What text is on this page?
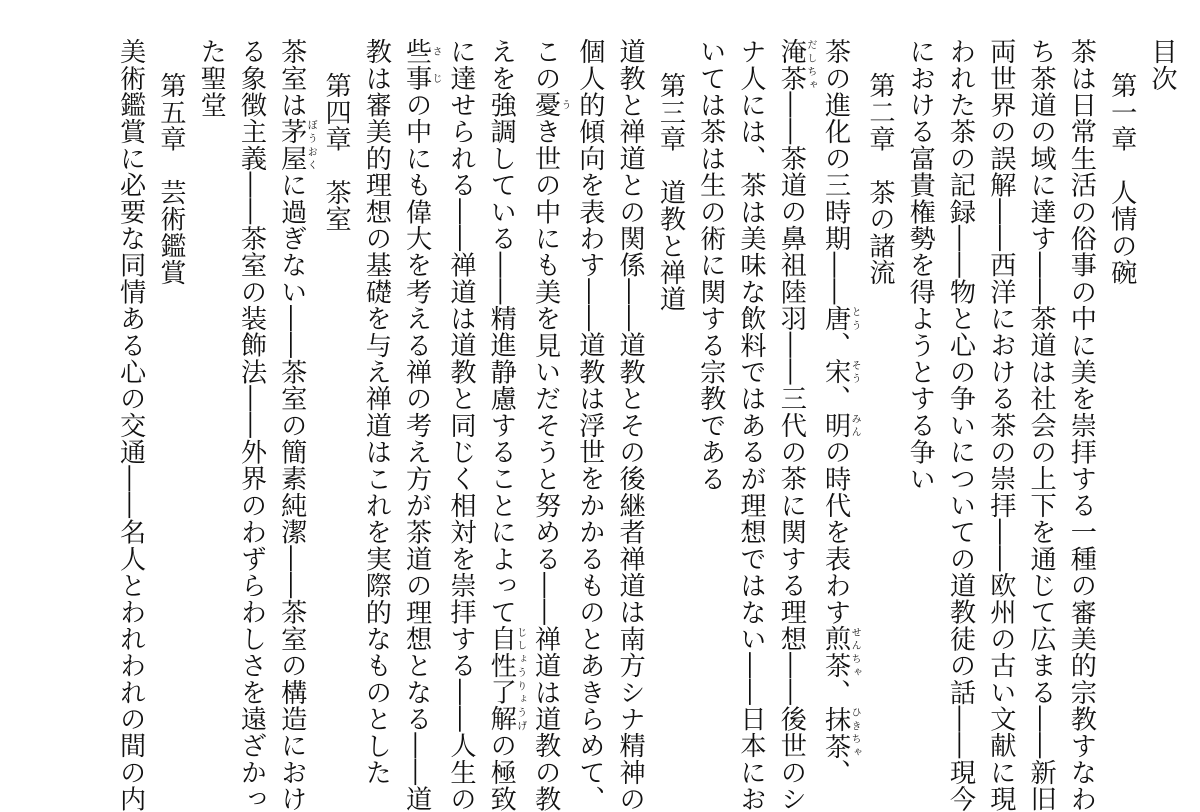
目次

第一章　人情の碗

茶は日常生活の俗事の中に美を崇拝する一種の審美的宗教すなわ

ち茶道の域に達す――茶道は社会の上下を通じて広まる――新旧

両世界の誤解――西洋における茶の崇拝――欧州の古い文献に現

われた茶の記録――物と心の争いについての道教徒の話――現今

における富貴権勢を得ようとする争い

第二章　茶の諸流

茶の進化の三時期――唐とう、宋そう、明みんの時代を表わす煎茶せんちゃ、抹茶ひきちゃ、

淹茶だしちゃ――茶道の鼻祖陸羽――三代の茶に関する理想――後世のシ

ナ人には、茶は美味な飲料ではあるが理想ではない――日本にお

いては茶は生の術に関する宗教である

第三章　道教と禅道

道教と禅道との関係――道教とその後継者禅道は南方シナ精神の

個人的傾向を表わす――道教は浮世をかかるものとあきらめて、

この憂うき世の中にも美を見いだそうと努める――禅道は道教の教

えを強調している――精進静慮することによって自性了解じしょうりょうげの極致

に達せられる――禅道は道教と同じく相対を崇拝する――人生の

些事さじの中にも偉大を考える禅の考え方が茶道の理想となる――道

教は審美的理想の基礎を与え禅道はこれを実際的なものとした

第四章　茶室

茶室は茅屋ぼうおくに過ぎない――茶室の簡素純潔――茶室の構造におけ

る象徴主義――茶室の装飾法――外界のわずらわしさを遠ざかっ

た聖堂

第五章　芸術鑑賞

美術鑑賞に必要な同情ある心の交通――名人とわれわれの間の内
